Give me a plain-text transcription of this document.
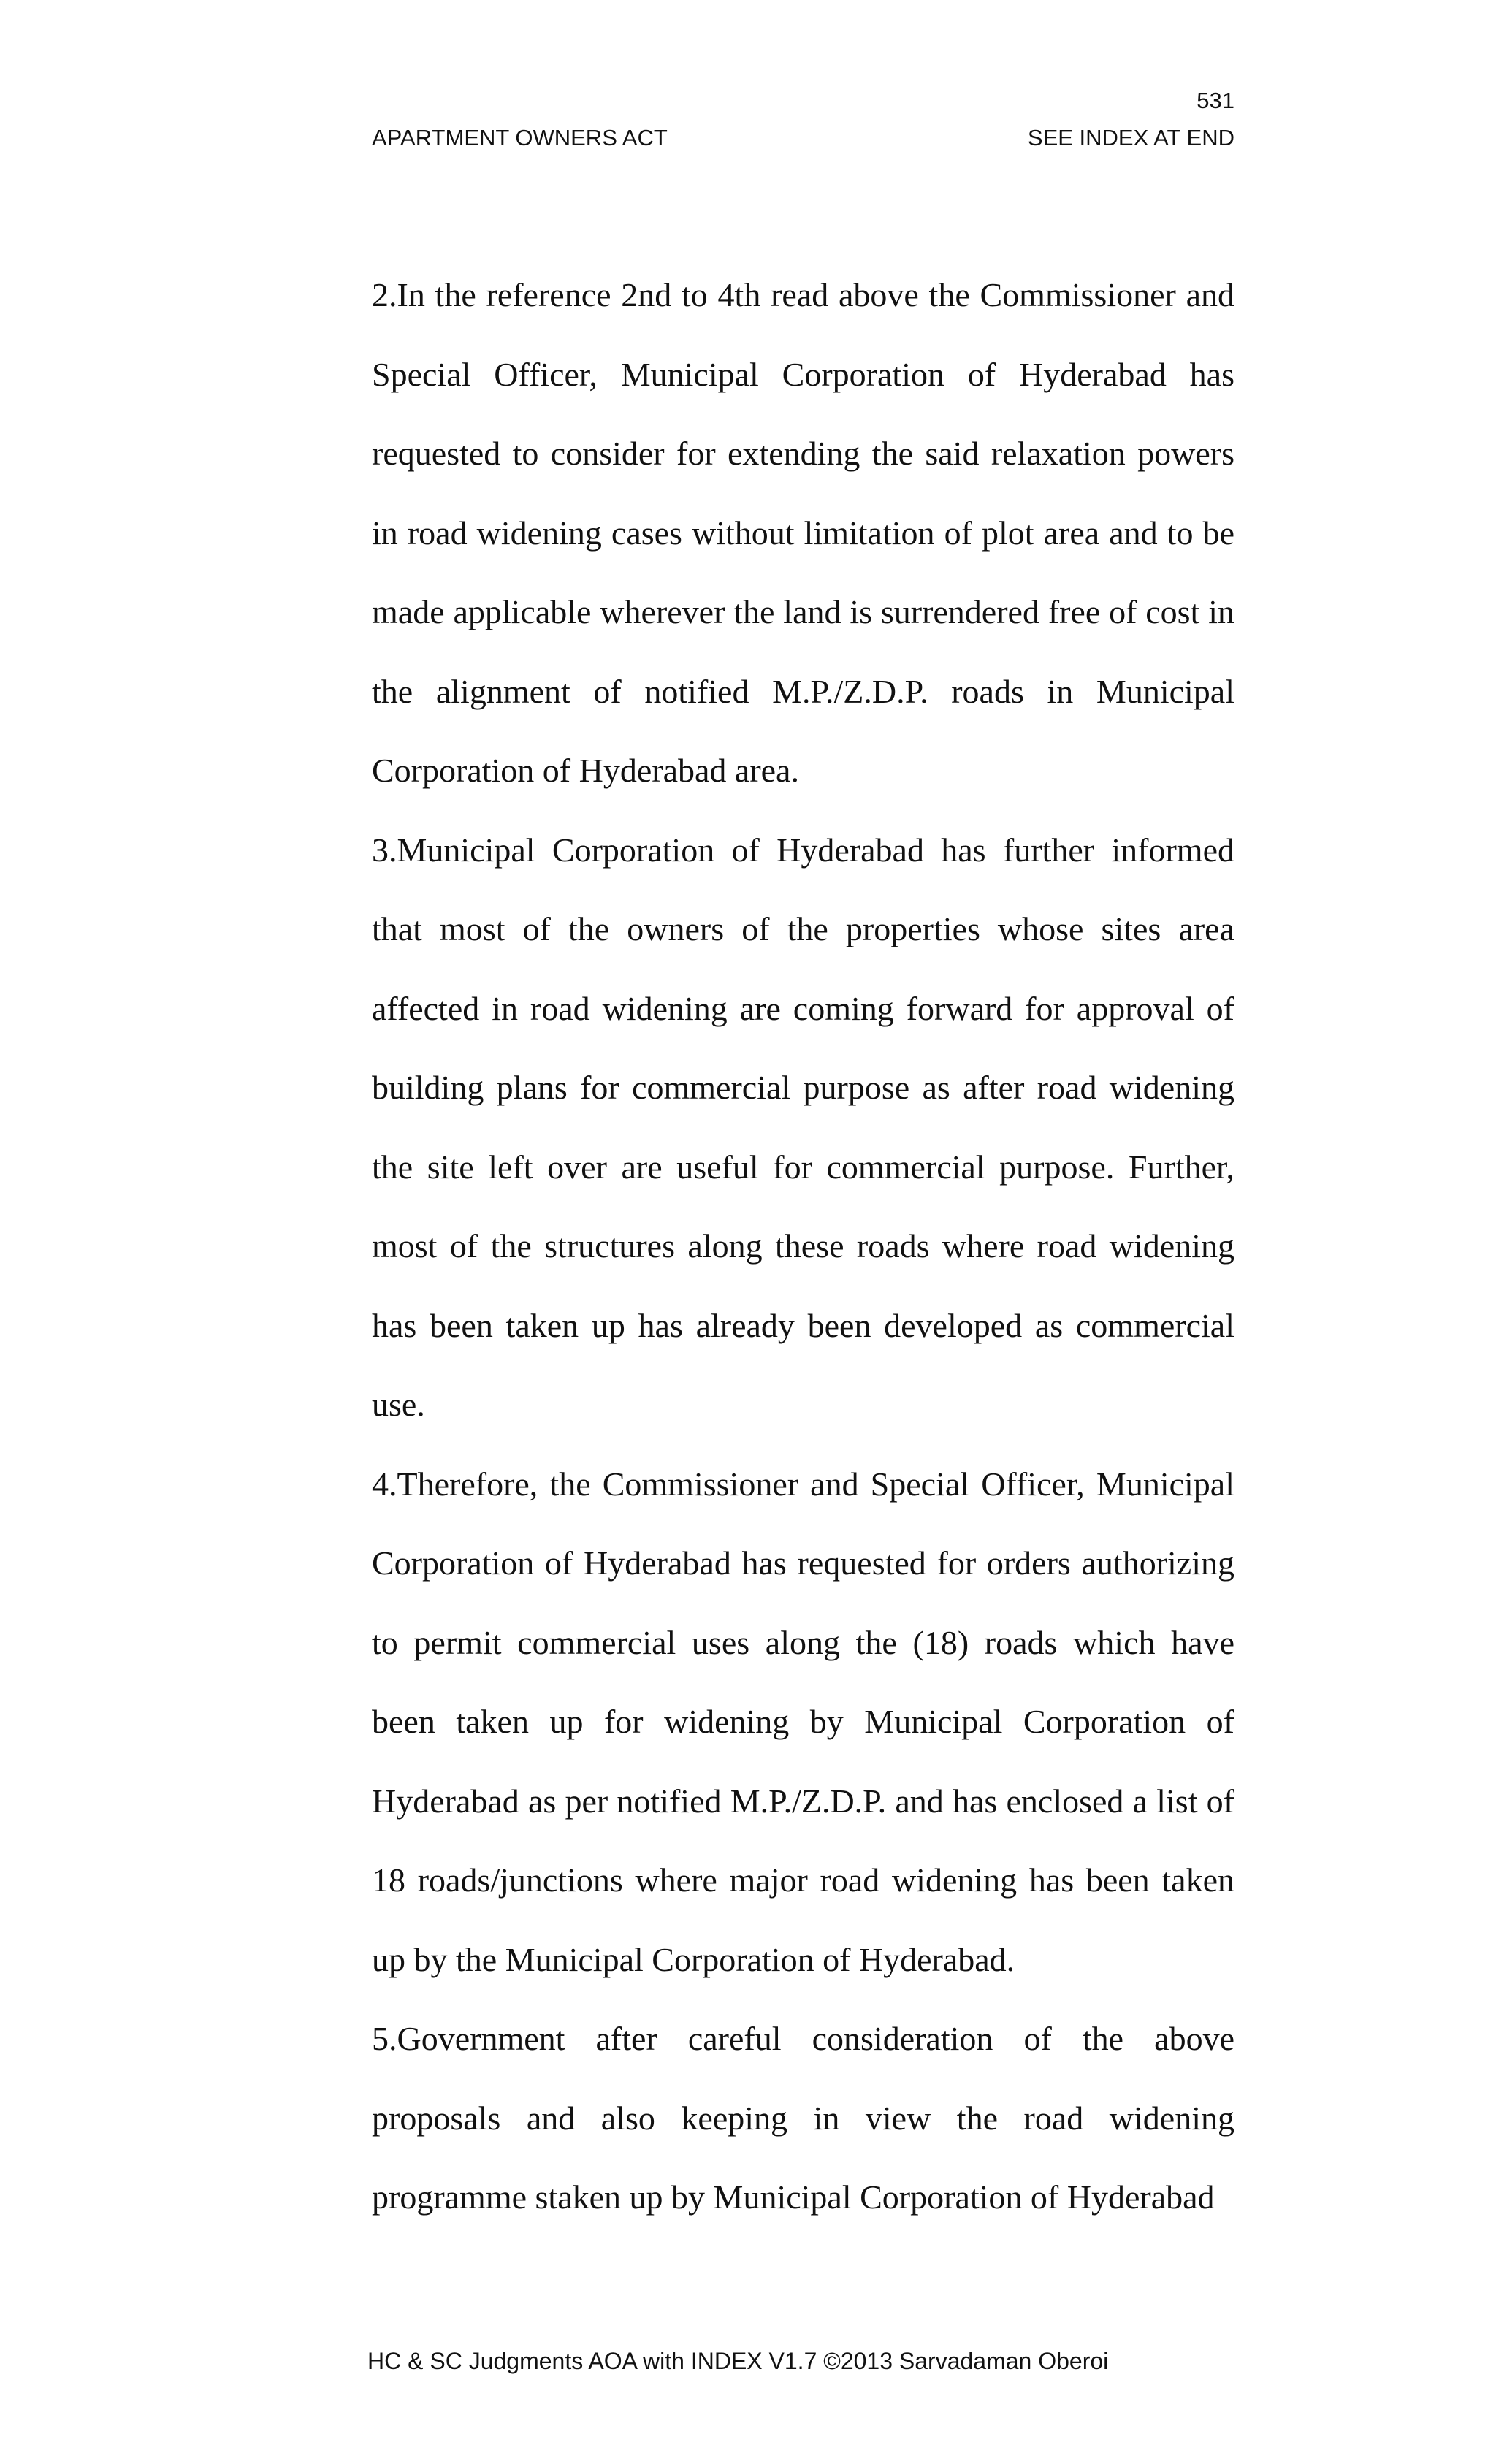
531
APARTMENT OWNERS ACT	SEE INDEX AT END

2.In the reference 2nd to 4th read above the Commissioner and Special Officer, Municipal Corporation of Hyderabad has requested to consider for extending the said relaxation powers in road widening cases without limitation of plot area and to be made applicable wherever the land is surrendered free of cost in the alignment of notified M.P./Z.D.P. roads in Municipal Corporation of Hyderabad area.

3.Municipal Corporation of Hyderabad has further informed that most of the owners of the properties whose sites area affected in road widening are coming forward for approval of building plans for commercial purpose as after road widening the site left over are useful for commercial purpose. Further, most of the structures along these roads where road widening has been taken up has already been developed as commercial use.

4.Therefore, the Commissioner and Special Officer, Municipal Corporation of Hyderabad has requested for orders authorizing to permit commercial uses along the (18) roads which have been taken up for widening by Municipal Corporation of Hyderabad as per notified M.P./Z.D.P. and has enclosed a list of 18 roads/junctions where major road widening has been taken up by the Municipal Corporation of Hyderabad.

5.Government after careful consideration of the above proposals and also keeping in view the road widening programme staken up by Municipal Corporation of Hyderabad

HC & SC Judgments AOA with INDEX V1.7 ©2013 Sarvadaman Oberoi
